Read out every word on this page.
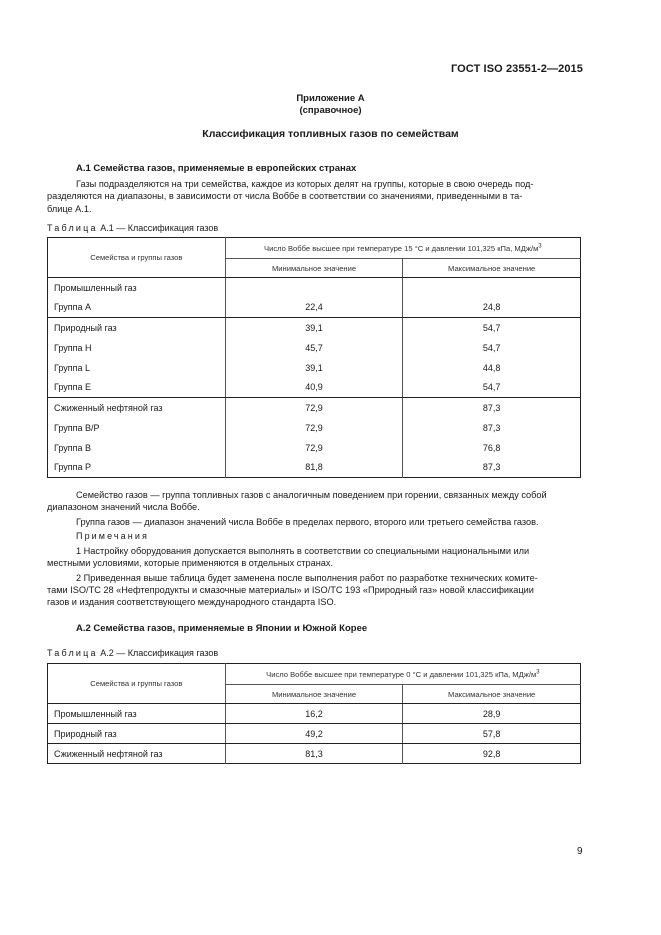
ГОСТ ISO 23551-2—2015
Приложение А
(справочное)
Классификация топливных газов по семействам
А.1 Семейства газов, применяемые в европейских странах
Газы подразделяются на три семейства, каждое из которых делят на группы, которые в свою очередь под-
разделяются на диапазоны, в зависимости от числа Воббе в соответствии со значениями, приведенными в та-
блице А.1.
Таблица А.1 — Классификация газов
Семейства и группы газов	Число Воббе высшее при температуре 15 °С и давлении 101,325 кПа, МДж/$м^3$
	Минимальное значение	Максимальное значение
Промышленный газ		
Группа А	22,4	24,8
Природный газ	39,1	54,7
Группа H	45,7	54,7
Группа L	39,1	44,8
Группа E	40,9	54,7
Сжиженный нефтяной газ	72,9	87,3
Группа B/P	72,9	87,3
Группа B	72,9	76,8
Группа P	81,8	87,3
Семейство газов — группа топливных газов с аналогичным поведением при горении, связанных между собой
диапазоном значений числа Воббе.
Группа газов — диапазон значений числа Воббе в пределах первого, второго или третьего семейства газов.
Примечания
1 Настройку оборудования допускается выполнять в соответствии со специальными национальными или
местными условиями, которые применяются в отдельных странах.
2 Приведенная выше таблица будет заменена после выполнения работ по разработке технических комите-
тами ISO/TC 28 «Нефтепродукты и смазочные материалы» и ISO/TC 193 «Природный газ» новой классификации
газов и издания соответствующего международного стандарта ISO.
А.2 Семейства газов, применяемые в Японии и Южной Корее
Таблица А.2 — Классификация газов
Семейства и группы газов	Число Воббе высшее при температуре 0 °С и давлении 101,325 кПа, МДж/$м^3$
	Минимальное значение	Максимальное значение
Промышленный газ	16,2	28,9
Природный газ	49,2	57,8
Сжиженный нефтяной газ	81,3	92,8
9
